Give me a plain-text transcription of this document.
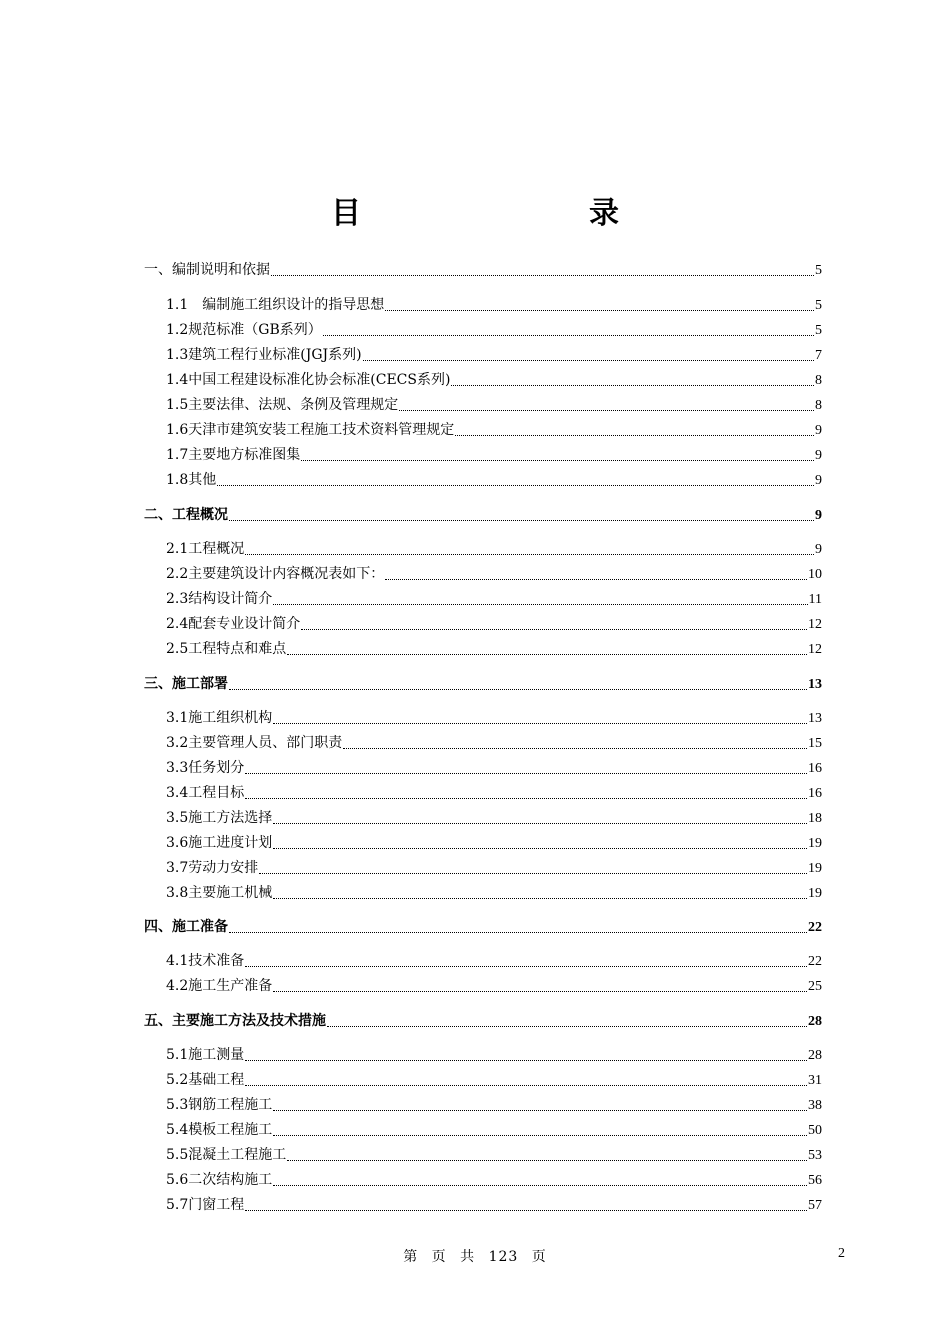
目　　录
一、编制说明和依据	5
1.1　编制施工组织设计的指导思想	5
1.2规范标准（GB系列）	5
1.3建筑工程行业标准(JGJ系列)	7
1.4中国工程建设标准化协会标准(CECS系列)	8
1.5主要法律、法规、条例及管理规定	8
1.6天津市建筑安装工程施工技术资料管理规定	9
1.7主要地方标准图集	9
1.8其他	9
二、工程概况	9
2.1工程概况	9
2.2主要建筑设计内容概况表如下：	10
2.3结构设计简介	11
2.4配套专业设计简介	12
2.5工程特点和难点	12
三、施工部署	13
3.1施工组织机构	13
3.2主要管理人员、部门职责	15
3.3任务划分	16
3.4工程目标	16
3.5施工方法选择	18
3.6施工进度计划	19
3.7劳动力安排	19
3.8主要施工机械	19
四、施工准备	22
4.1技术准备	22
4.2施工生产准备	25
五、主要施工方法及技术措施	28
5.1施工测量	28
5.2基础工程	31
5.3钢筋工程施工	38
5.4模板工程施工	50
5.5混凝土工程施工	53
5.6二次结构施工	56
5.7门窗工程	57
第 页 共 123 页	2
